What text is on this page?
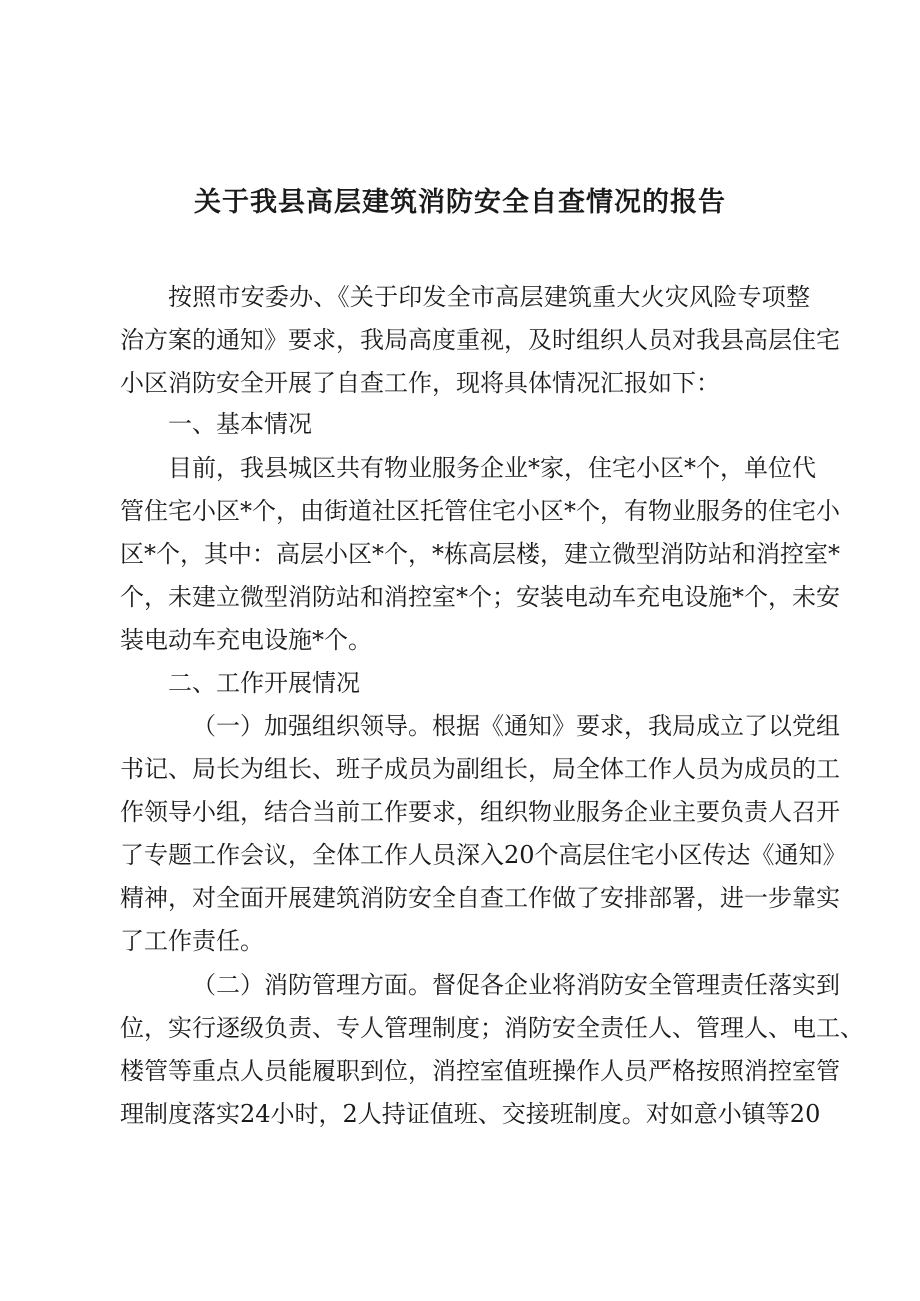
关于我县高层建筑消防安全自查情况的报告
按照市安委办、《关于印发全市高层建筑重大火灾风险专项整
治方案的通知》要求，我局高度重视，及时组织人员对我县高层住宅
小区消防安全开展了自查工作，现将具体情况汇报如下：
一、基本情况
目前，我县城区共有物业服务企业*家，住宅小区*个，单位代
管住宅小区*个，由街道社区托管住宅小区*个，有物业服务的住宅小
区*个，其中：高层小区*个，*栋高层楼，建立微型消防站和消控室*
个，未建立微型消防站和消控室*个；安装电动车充电设施*个，未安
装电动车充电设施*个。
二、工作开展情况
（一）加强组织领导。根据《通知》要求，我局成立了以党组
书记、局长为组长、班子成员为副组长，局全体工作人员为成员的工
作领导小组，结合当前工作要求，组织物业服务企业主要负责人召开
了专题工作会议，全体工作人员深入20个高层住宅小区传达《通知》
精神，对全面开展建筑消防安全自查工作做了安排部署，进一步靠实
了工作责任。
（二）消防管理方面。督促各企业将消防安全管理责任落实到
位，实行逐级负责、专人管理制度；消防安全责任人、管理人、电工、
楼管等重点人员能履职到位，消控室值班操作人员严格按照消控室管
理制度落实24小时，2人持证值班、交接班制度。对如意小镇等20
